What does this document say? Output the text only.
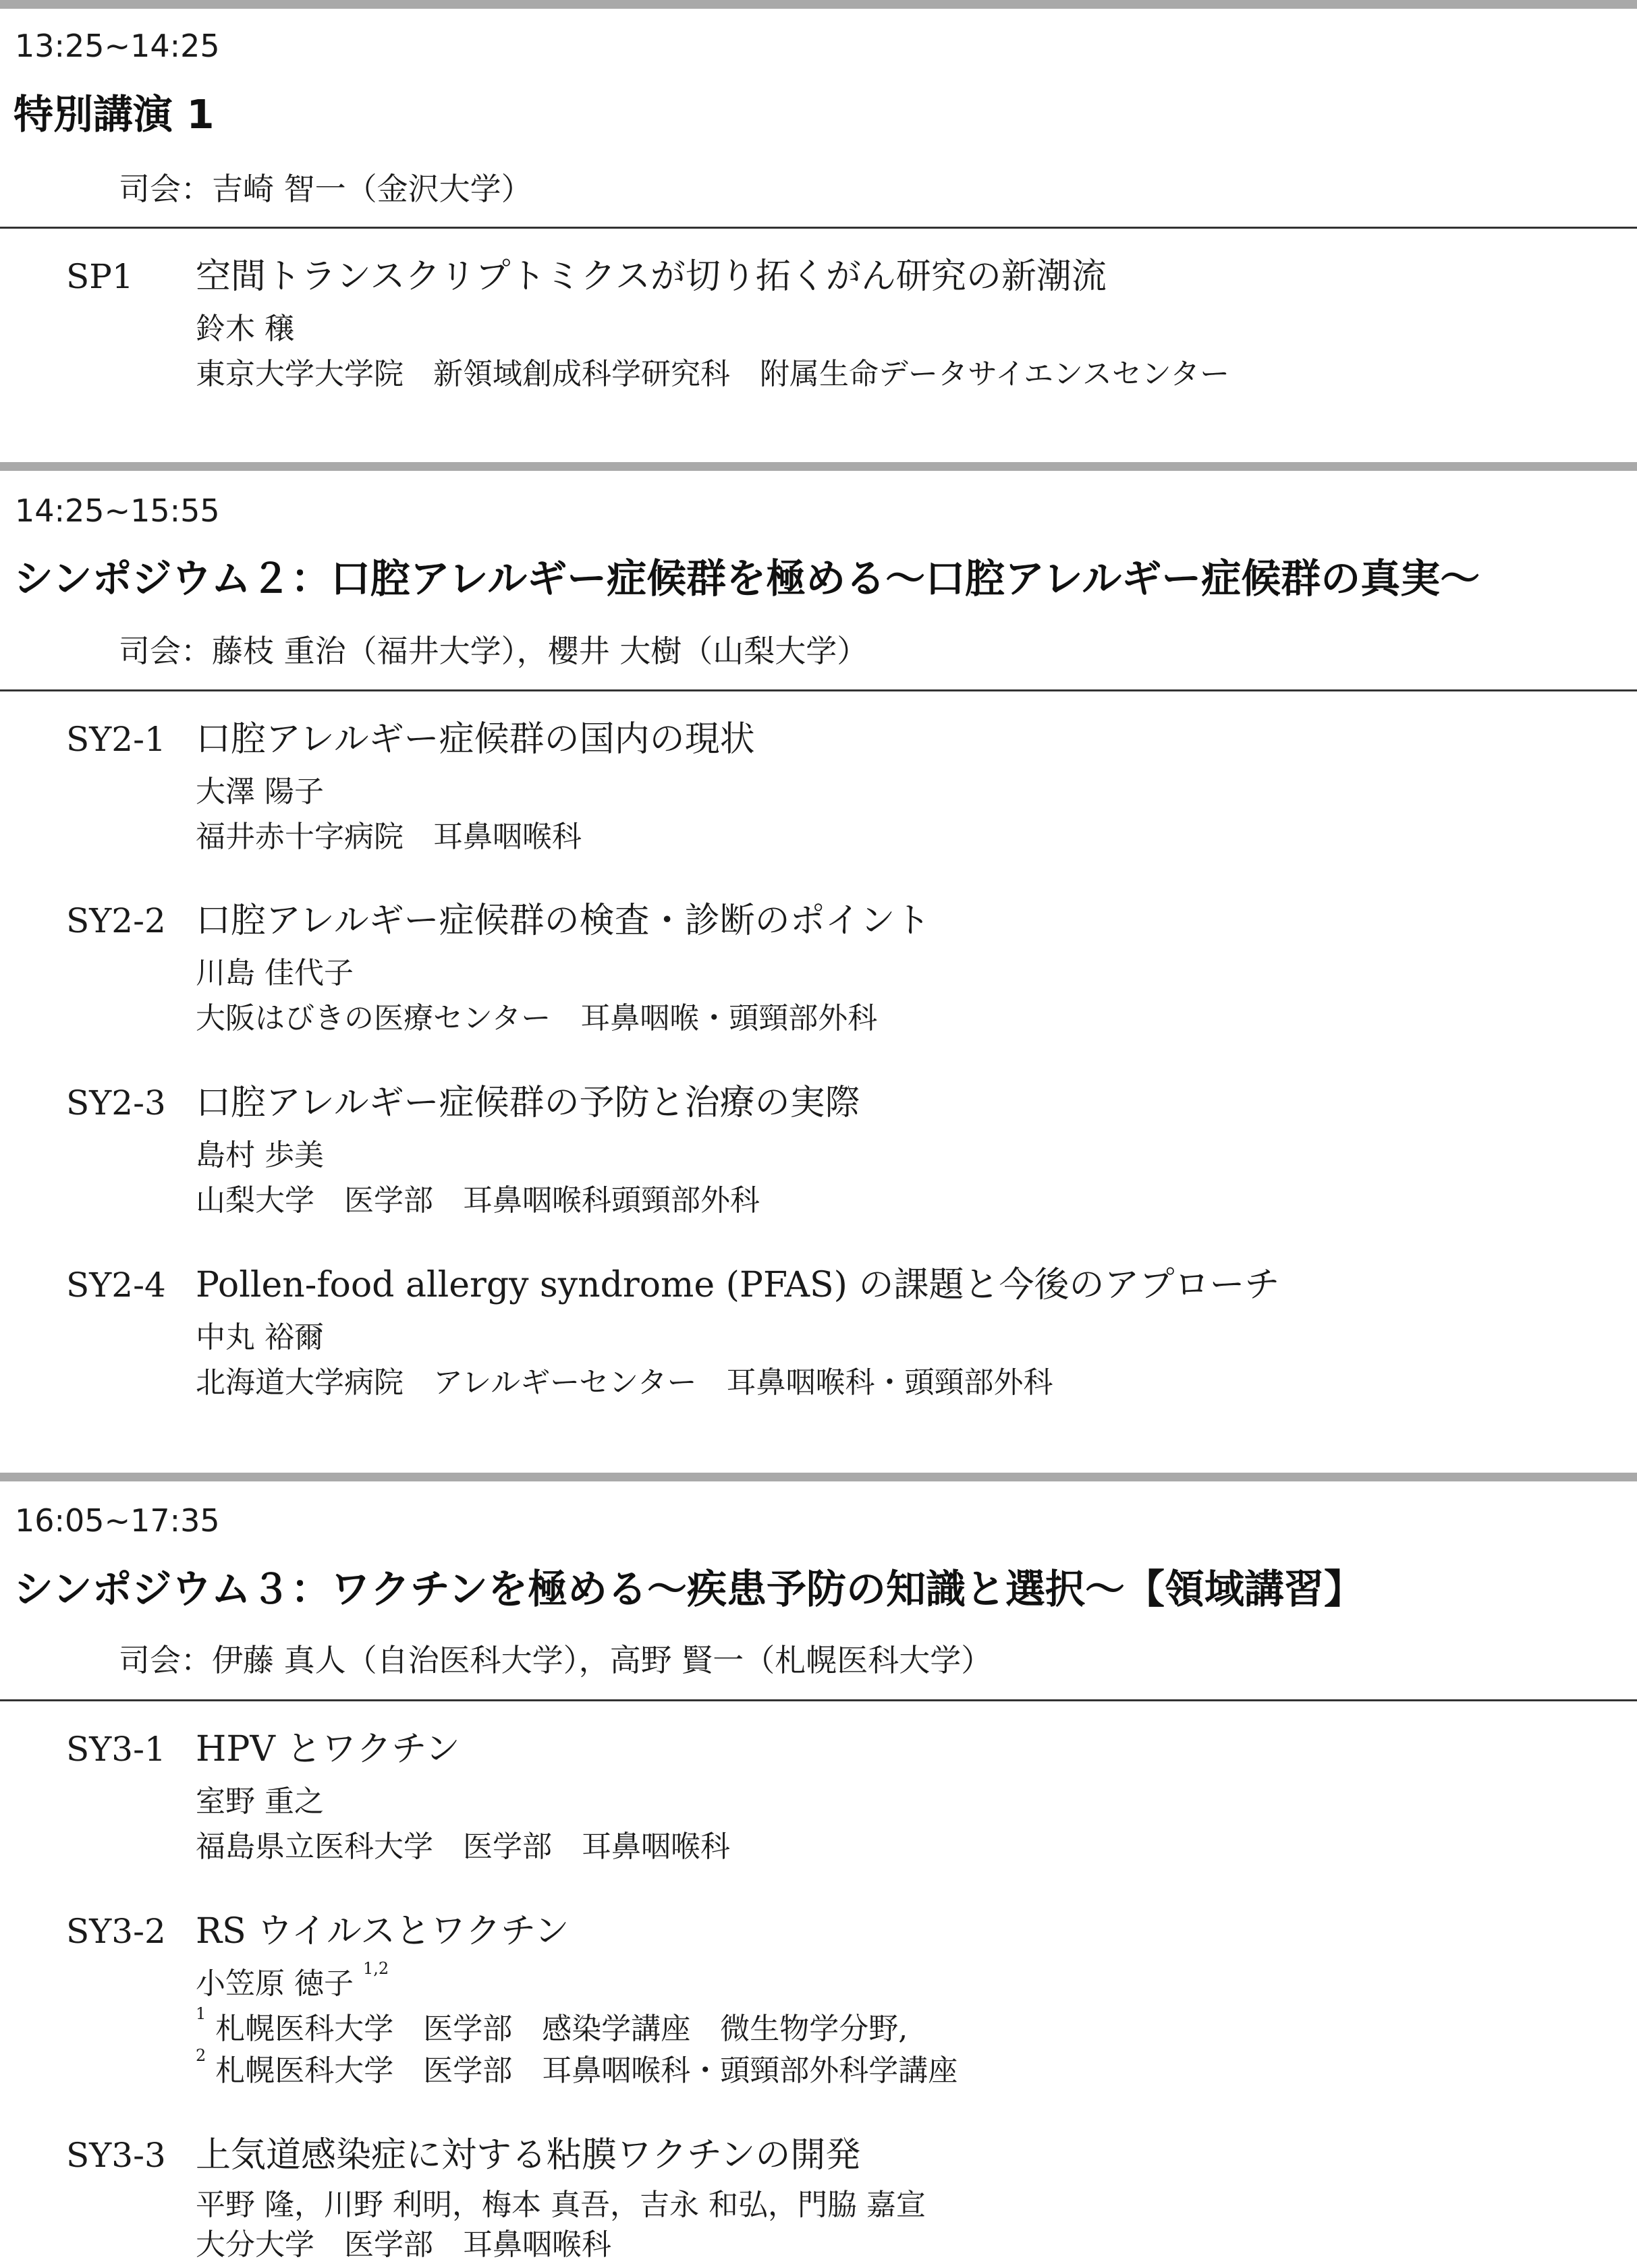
13:25~14:25
特別講演 1
司会：吉崎 智一（金沢大学）
SP1 空間トランスクリプトミクスが切り拓くがん研究の新潮流
鈴木 穣
東京大学大学院　新領域創成科学研究科　附属生命データサイエンスセンター
14:25~15:55
シンポジウム２：口腔アレルギー症候群を極める～口腔アレルギー症候群の真実～
司会：藤枝 重治（福井大学），櫻井 大樹（山梨大学）
SY2-1 口腔アレルギー症候群の国内の現状
大澤 陽子
福井赤十字病院　耳鼻咽喉科
SY2-2 口腔アレルギー症候群の検査・診断のポイント
川島 佳代子
大阪はびきの医療センター　耳鼻咽喉・頭頸部外科
SY2-3 口腔アレルギー症候群の予防と治療の実際
島村 歩美
山梨大学　医学部　耳鼻咽喉科頭頸部外科
SY2-4 Pollen-food allergy syndrome (PFAS) の課題と今後のアプローチ
中丸 裕爾
北海道大学病院　アレルギーセンター　耳鼻咽喉科・頭頸部外科
16:05~17:35
シンポジウム３：ワクチンを極める～疾患予防の知識と選択～【領域講習】
司会：伊藤 真人（自治医科大学），高野 賢一（札幌医科大学）
SY3-1 HPV とワクチン
室野 重之
福島県立医科大学　医学部　耳鼻咽喉科
SY3-2 RS ウイルスとワクチン
小笠原 徳子 $^{1,2}$
$^1$ 札幌医科大学　医学部　感染学講座　微生物学分野,
$^2$ 札幌医科大学　医学部　耳鼻咽喉科・頭頸部外科学講座
SY3-3 上気道感染症に対する粘膜ワクチンの開発
平野 隆，川野 利明，梅本 真吾，吉永 和弘，門脇 嘉宣
大分大学　医学部　耳鼻咽喉科
